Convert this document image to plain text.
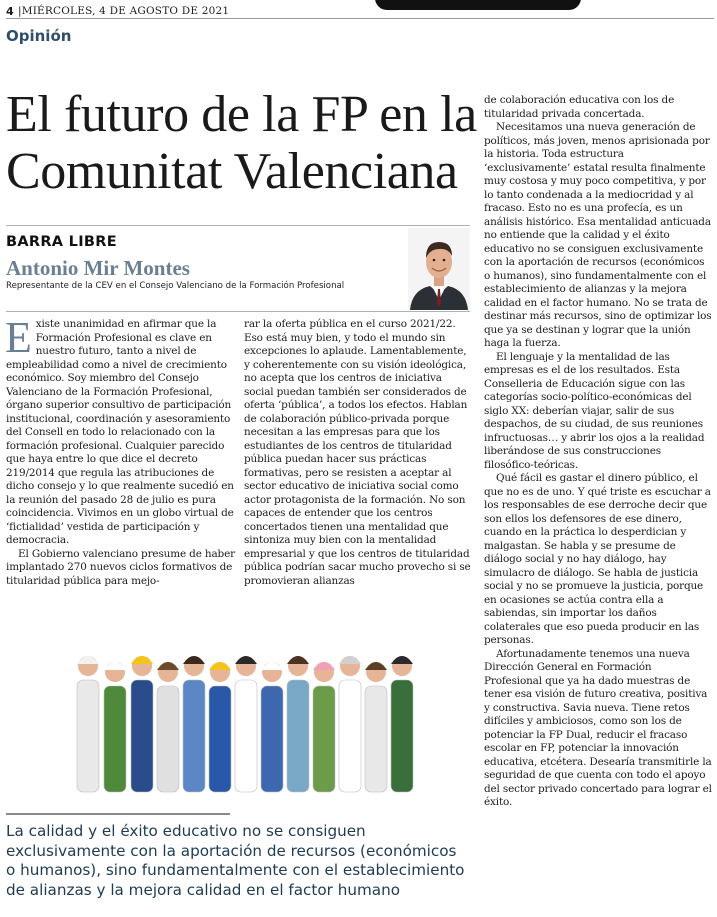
4 |MIÉRCOLES, 4 DE AGOSTO DE 2021
Opinión
El futuro de la FP en la Comunitat Valenciana
BARRA LIBRE
Antonio Mir Montes
Representante de la CEV en el Consejo Valenciano de la Formación Profesional

Existe unanimidad en afirmar que la Formación Profesional es clave en nuestro futuro, tanto a nivel de empleabilidad como a nivel de crecimiento económico. Soy miembro del Consejo Valenciano de la Formación Profesional, órgano superior consultivo de participación institucional, coordinación y asesoramiento del Consell en todo lo relacionado con la formación profesional. Cualquier parecido que haya entre lo que dice el decreto 219/2014 que regula las atribuciones de dicho consejo y lo que realmente sucedió en la reunión del pasado 28 de julio es pura coincidencia. Vivimos en un globo virtual de ‘fictialidad’ vestida de participación y democracia.

El Gobierno valenciano presume de haber implantado 270 nuevos ciclos formativos de titularidad pública para mejo-

rar la oferta pública en el curso 2021/22. Eso está muy bien, y todo el mundo sin excepciones lo aplaude. Lamentablemente, y coherentemente con su visión ideológica, no acepta que los centros de iniciativa social puedan también ser considerados de oferta ‘pública’, a todos los efectos. Hablan de colaboración público-privada porque necesitan a las empresas para que los estudiantes de los centros de titularidad pública puedan hacer sus prácticas formativas, pero se resisten a aceptar al sector educativo de iniciativa social como actor protagonista de la formación. No son capaces de entender que los centros concertados tienen una mentalidad que sintoniza muy bien con la mentalidad empresarial y que los centros de titularidad pública podrían sacar mucho provecho si se promovieran alianzas

de colaboración educativa con los de titularidad privada concertada.

Necesitamos una nueva generación de políticos, más joven, menos aprisionada por la historia. Toda estructura ‘exclusivamente’ estatal resulta finalmente muy costosa y muy poco competitiva, y por lo tanto condenada a la mediocridad y al fracaso. Esto no es una profecía, es un análisis histórico. Esa mentalidad anticuada no entiende que la calidad y el éxito educativo no se consiguen exclusivamente con la aportación de recursos (económicos o humanos), sino fundamentalmente con el establecimiento de alianzas y la mejora calidad en el factor humano. No se trata de destinar más recursos, sino de optimizar los que ya se destinan y lograr que la unión haga la fuerza.

El lenguaje y la mentalidad de las empresas es el de los resultados. Esta Conselleria de Educación sigue con las categorías socio-político-económicas del siglo XX: deberían viajar, salir de sus despachos, de su ciudad, de sus reuniones infructuosas… y abrir los ojos a la realidad liberándose de sus construcciones filosófico-teóricas.

Qué fácil es gastar el dinero público, el que no es de uno. Y qué triste es escuchar a los responsables de ese derroche decir que son ellos los defensores de ese dinero, cuando en la práctica lo desperdician y malgastan. Se habla y se presume de diálogo social y no hay diálogo, hay simulacro de diálogo. Se habla de justicia social y no se promueve la justicia, porque en ocasiones se actúa contra ella a sabiendas, sin importar los daños colaterales que eso pueda producir en las personas.

Afortunadamente tenemos una nueva Dirección General en Formación Profesional que ya ha dado muestras de tener esa visión de futuro creativa, positiva y constructiva. Savia nueva. Tiene retos difíciles y ambiciosos, como son los de potenciar la FP Dual, reducir el fracaso escolar en FP, potenciar la innovación educativa, etcétera. Desearía transmitirle la seguridad de que cuenta con todo el apoyo del sector privado concertado para lograr el éxito.

La calidad y el éxito educativo no se consiguen
exclusivamente con la aportación de recursos (económicos
o humanos), sino fundamentalmente con el establecimiento
de alianzas y la mejora calidad en el factor humano
